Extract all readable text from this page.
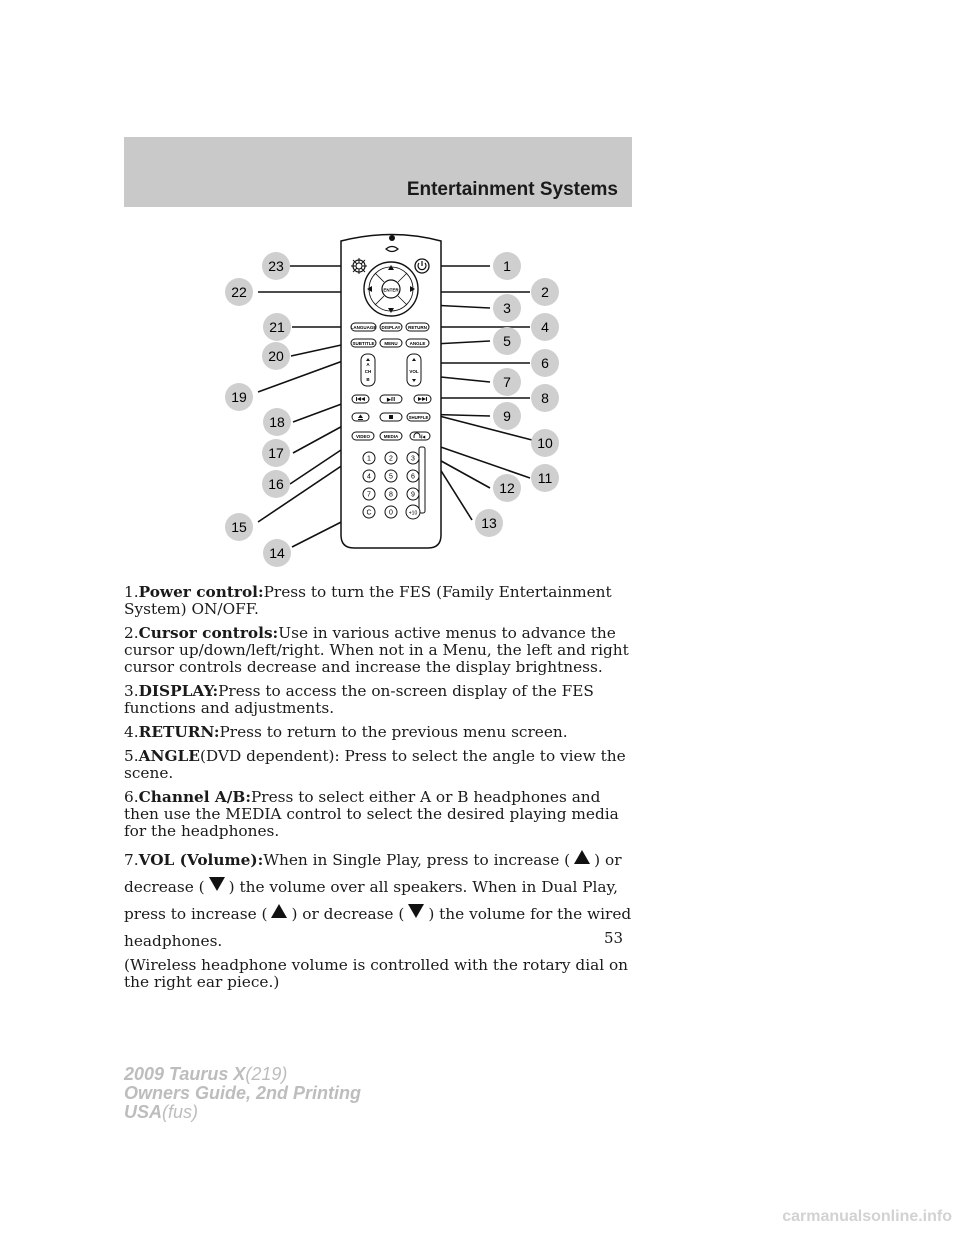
Entertainment Systems
ENTER
LANGUAGE DISPLAY RETURN
SUBTITLE MENU	ANGLE
A
CH
B
VOL
▶/II
SHUFFLE
VIDEO	MEDIA	/◂
1	2	3
4	5	6
7	8	9
C	0	+10
23
22
21
20
19
18
17
16
15
14
1
2
3
4
5
6
7
8
9
10
11
12
13

1.Power control:Press to turn the FES (Family Entertainment System) ON/OFF.

2.Cursor controls:Use in various active menus to advance the cursor up/down/left/right. When not in a Menu, the left and right cursor controls decrease and increase the display brightness.

3.DISPLAY:Press to access the on-screen display of the FES functions and adjustments.

4.RETURN:Press to return to the previous menu screen.

5.ANGLE(DVD dependent): Press to select the angle to view the scene.

6.Channel A/B:Press to select either A or B headphones and then use the MEDIA control to select the desired playing media for the headphones.

7.VOL (Volume):When in Single Play, press to increase ( ) or decrease ( ) the volume over all speakers. When in Dual Play, press to increase ( ) or decrease ( ) the volume for the wired headphones.

(Wireless headphone volume is controlled with the rotary dial on the right ear piece.)

53
2009 Taurus X(219)
Owners Guide, 2nd Printing
USA(fus)
carmanualsonline.info
